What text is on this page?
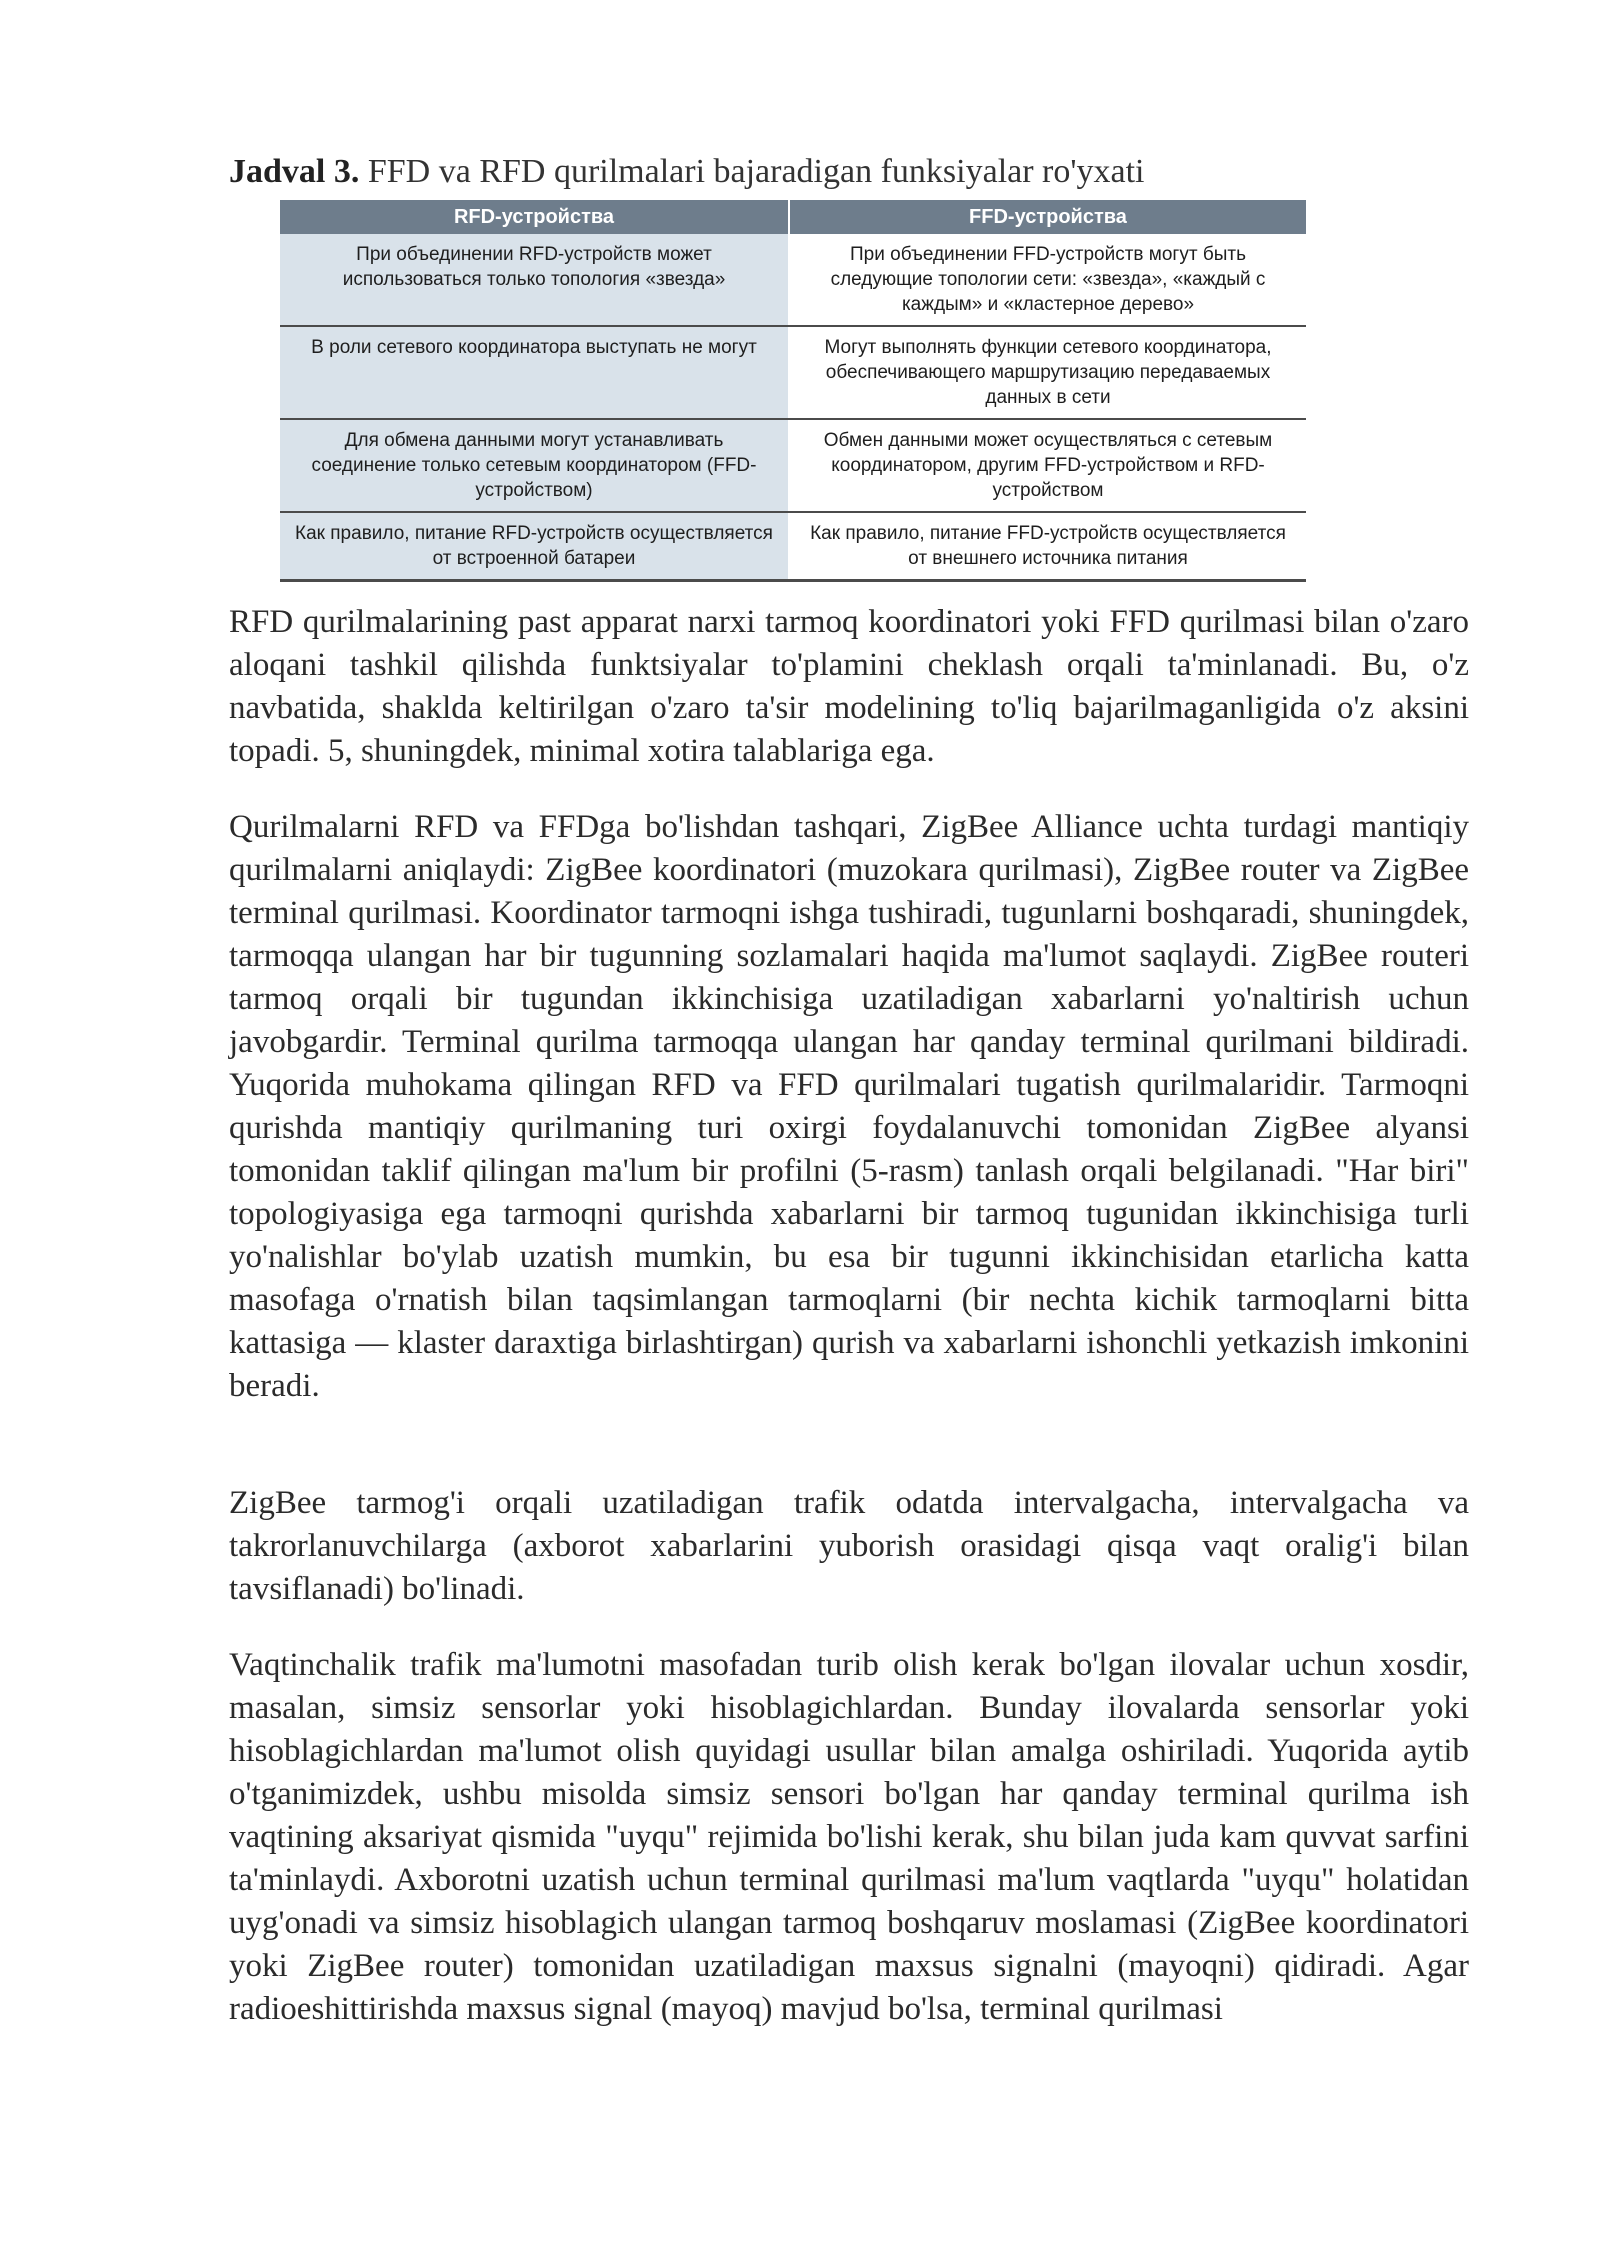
Jadval 3. FFD va RFD qurilmalari bajaradigan funksiyalar ro'yxati
RFD-устройства	FFD-устройства
При объединении RFD-устройств может использоваться только топология «звезда»	При объединении FFD-устройств могут быть следующие топологии сети: «звезда», «каждый с каждым» и «кластерное дерево»
В роли сетевого координатора выступать не могут	Могут выполнять функции сетевого координатора, обеспечивающего маршрутизацию передаваемых данных в сети
Для обмена данными могут устанавливать соединение только сетевым координатором (FFD-устройством)	Обмен данными может осуществляться с сетевым координатором, другим FFD-устройством и RFD-устройством
Как правило, питание RFD-устройств осуществляется от встроенной батареи	Как правило, питание FFD-устройств осуществляется от внешнего источника питания

RFD qurilmalarining past apparat narxi tarmoq koordinatori yoki FFD qurilmasi bilan o'zaro aloqani tashkil qilishda funktsiyalar to'plamini cheklash orqali ta'minlanadi. Bu, o'z navbatida, shaklda keltirilgan o'zaro ta'sir modelining to'liq bajarilmaganligida o'z aksini topadi. 5, shuningdek, minimal xotira talablariga ega.

Qurilmalarni RFD va FFDga bo'lishdan tashqari, ZigBee Alliance uchta turdagi mantiqiy qurilmalarni aniqlaydi: ZigBee koordinatori (muzokara qurilmasi), ZigBee router va ZigBee terminal qurilmasi. Koordinator tarmoqni ishga tushiradi, tugunlarni boshqaradi, shuningdek, tarmoqqa ulangan har bir tugunning sozlamalari haqida ma'lumot saqlaydi. ZigBee routeri tarmoq orqali bir tugundan ikkinchisiga uzatiladigan xabarlarni yo'naltirish uchun javobgardir. Terminal qurilma tarmoqqa ulangan har qanday terminal qurilmani bildiradi. Yuqorida muhokama qilingan RFD va FFD qurilmalari tugatish qurilmalaridir. Tarmoqni qurishda mantiqiy qurilmaning turi oxirgi foydalanuvchi tomonidan ZigBee alyansi tomonidan taklif qilingan ma'lum bir profilni (5-rasm) tanlash orqali belgilanadi. "Har biri" topologiyasiga ega tarmoqni qurishda xabarlarni bir tarmoq tugunidan ikkinchisiga turli yo'nalishlar bo'ylab uzatish mumkin, bu esa bir tugunni ikkinchisidan etarlicha katta masofaga o'rnatish bilan taqsimlangan tarmoqlarni (bir nechta kichik tarmoqlarni bitta kattasiga — klaster daraxtiga birlashtirgan) qurish va xabarlarni ishonchli yetkazish imkonini beradi.

ZigBee tarmog'i orqali uzatiladigan trafik odatda intervalgacha, intervalgacha va takrorlanuvchilarga (axborot xabarlarini yuborish orasidagi qisqa vaqt oralig'i bilan tavsiflanadi) bo'linadi.

Vaqtinchalik trafik ma'lumotni masofadan turib olish kerak bo'lgan ilovalar uchun xosdir, masalan, simsiz sensorlar yoki hisoblagichlardan. Bunday ilovalarda sensorlar yoki hisoblagichlardan ma'lumot olish quyidagi usullar bilan amalga oshiriladi. Yuqorida aytib o'tganimizdek, ushbu misolda simsiz sensori bo'lgan har qanday terminal qurilma ish vaqtining aksariyat qismida "uyqu" rejimida bo'lishi kerak, shu bilan juda kam quvvat sarfini ta'minlaydi. Axborotni uzatish uchun terminal qurilmasi ma'lum vaqtlarda "uyqu" holatidan uyg'onadi va simsiz hisoblagich ulangan tarmoq boshqaruv moslamasi (ZigBee koordinatori yoki ZigBee router) tomonidan uzatiladigan maxsus signalni (mayoqni) qidiradi. Agar radioeshittirishda maxsus signal (mayoq) mavjud bo'lsa, terminal qurilmasi
